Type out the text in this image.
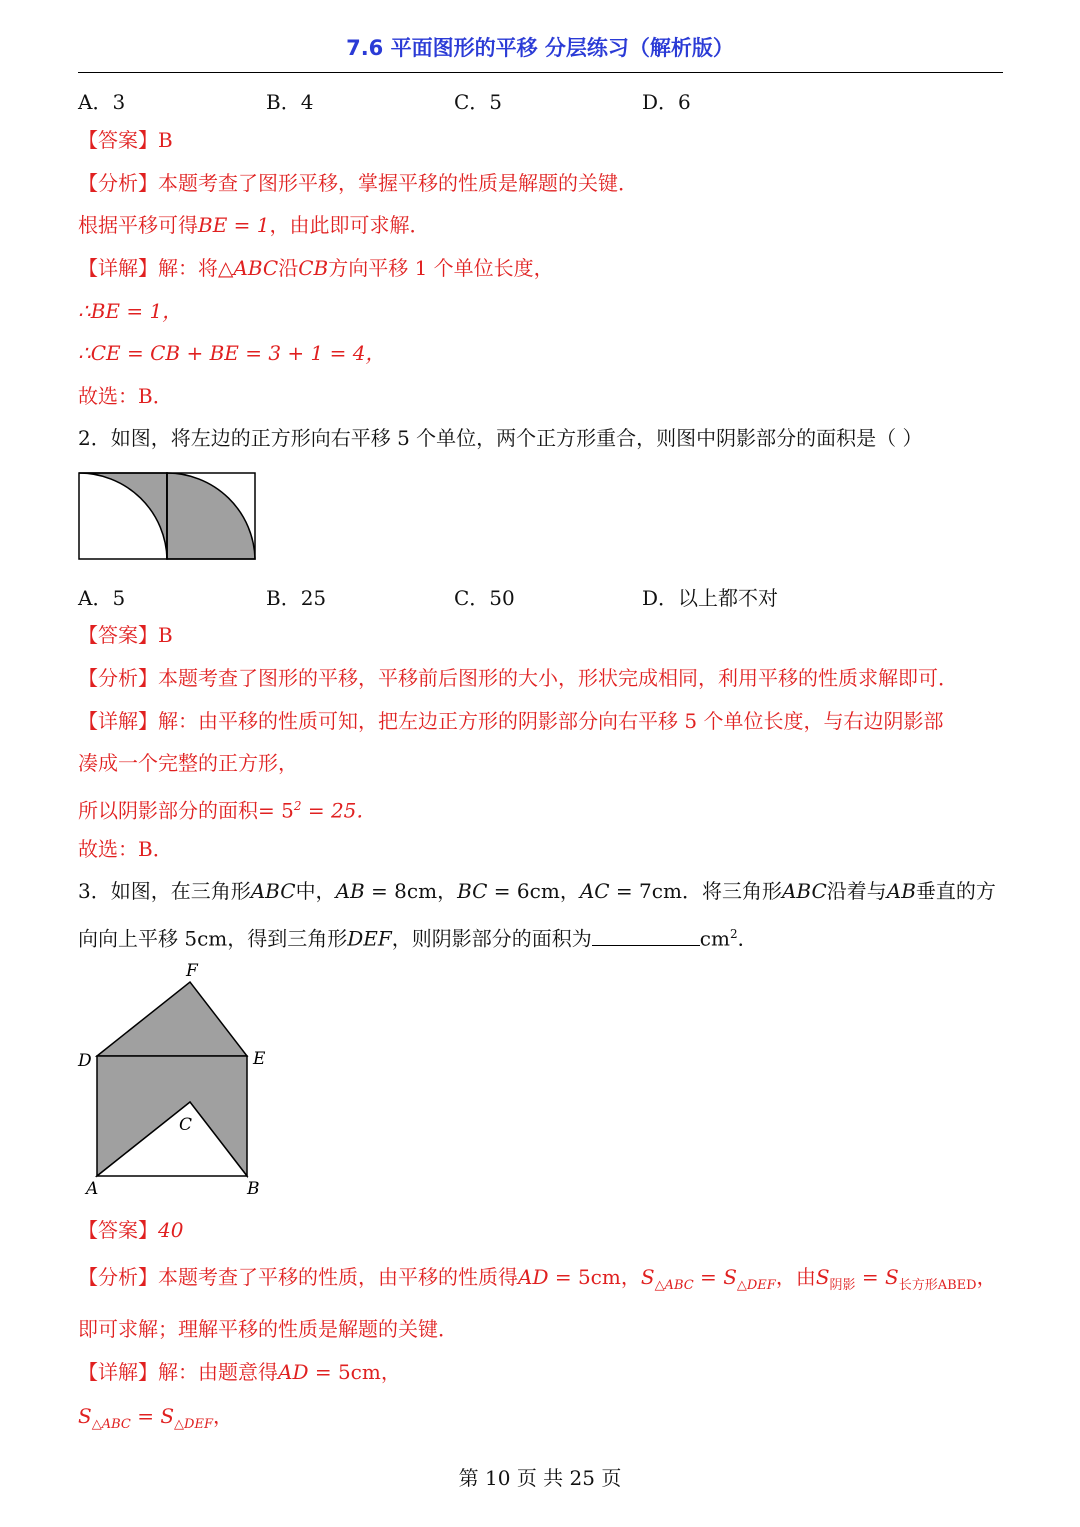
7.6 平面图形的平移 分层练习（解析版）
A．3	B．4	C．5	D．6
【答案】B
【分析】本题考查了图形平移，掌握平移的性质是解题的关键．
根据平移可得BE = 1，由此即可求解．
【详解】解：将△ABC沿CB方向平移 1 个单位长度，
∴BE = 1，
∴CE = CB + BE = 3 + 1 = 4，
故选：B．
2．如图，将左边的正方形向右平移 5 个单位，两个正方形重合，则图中阴影部分的面积是（ ）
A．5	B．25	C．50	D．以上都不对
【答案】B
【分析】本题考查了图形的平移，平移前后图形的大小，形状完成相同，利用平移的性质求解即可．
【详解】解：由平移的性质可知，把左边正方形的阴影部分向右平移 5 个单位长度，与右边阴影部
凑成一个完整的正方形，
所以阴影部分的面积= $5^2 = 25$．
故选：B．
3．如图，在三角形ABC中，AB = 8cm，BC = 6cm，AC = 7cm．将三角形ABC沿着与AB垂直的方
向向上平移 5cm，得到三角形DEF，则阴影部分的面积为	$cm^2$．
F
D	E
C
A	B
【答案】40
【分析】本题考查了平移的性质，由平移的性质得AD = 5cm，$S_{\triangle ABC} = S_{\triangle DEF}$，由$S_{阴影} = S_{长方形ABED}$，
即可求解；理解平移的性质是解题的关键．
【详解】解：由题意得AD = 5cm，
$S_{\triangle ABC} = S_{\triangle DEF}$，
第 10 页 共 25 页
